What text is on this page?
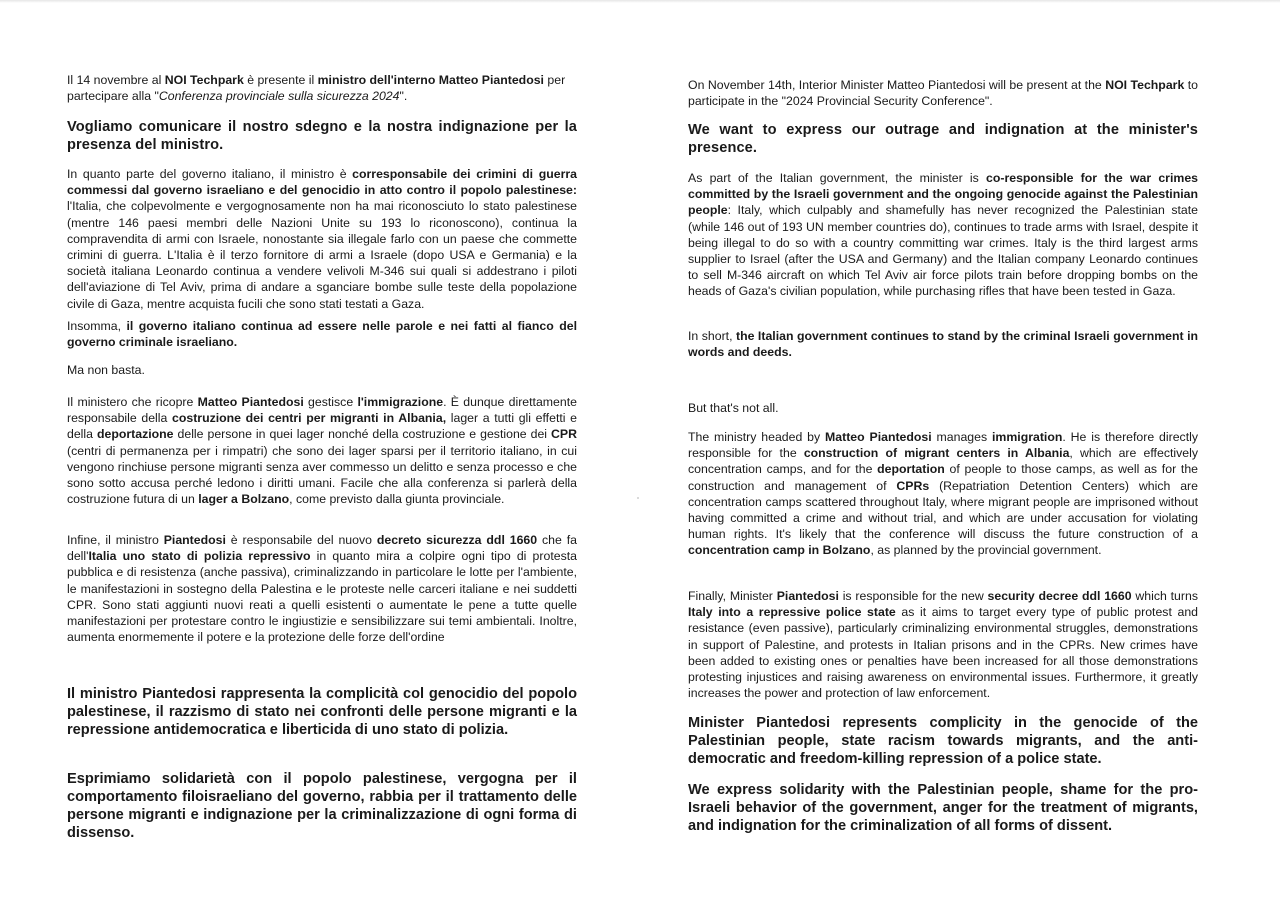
Il 14 novembre al NOI Techpark è presente il ministro dell'interno Matteo Piantedosi per partecipare alla "Conferenza provinciale sulla sicurezza 2024".

Vogliamo comunicare il nostro sdegno e la nostra indignazione per la presenza del ministro.

In quanto parte del governo italiano, il ministro è corresponsabile dei crimini di guerra commessi dal governo israeliano e del genocidio in atto contro il popolo palestinese: l'Italia, che colpevolmente e vergognosamente non ha mai riconosciuto lo stato palestinese (mentre 146 paesi membri delle Nazioni Unite su 193 lo riconoscono), continua la compravendita di armi con Israele, nonostante sia illegale farlo con un paese che commette crimini di guerra. L'Italia è il terzo fornitore di armi a Israele (dopo USA e Germania) e la società italiana Leonardo continua a vendere velivoli M-346 sui quali si addestrano i piloti dell'aviazione di Tel Aviv, prima di andare a sganciare bombe sulle teste della popolazione civile di Gaza, mentre acquista fucili che sono stati testati a Gaza.

Insomma, il governo italiano continua ad essere nelle parole e nei fatti al fianco del governo criminale israeliano.

Ma non basta.

Il ministero che ricopre Matteo Piantedosi gestisce l'immigrazione. È dunque direttamente responsabile della costruzione dei centri per migranti in Albania, lager a tutti gli effetti e della deportazione delle persone in quei lager nonché della costruzione e gestione dei CPR (centri di permanenza per i rimpatri) che sono dei lager sparsi per il territorio italiano, in cui vengono rinchiuse persone migranti senza aver commesso un delitto e senza processo e che sono sotto accusa perché ledono i diritti umani. Facile che alla conferenza si parlerà della costruzione futura di un lager a Bolzano, come previsto dalla giunta provinciale.

Infine, il ministro Piantedosi è responsabile del nuovo decreto sicurezza ddl 1660 che fa dell'Italia uno stato di polizia repressivo in quanto mira a colpire ogni tipo di protesta pubblica e di resistenza (anche passiva), criminalizzando in particolare le lotte per l'ambiente, le manifestazioni in sostegno della Palestina e le proteste nelle carceri italiane e nei suddetti CPR. Sono stati aggiunti nuovi reati a quelli esistenti o aumentate le pene a tutte quelle manifestazioni per protestare contro le ingiustizie e sensibilizzare sui temi ambientali. Inoltre, aumenta enormemente il potere e la protezione delle forze dell'ordine

Il ministro Piantedosi rappresenta la complicità col genocidio del popolo palestinese, il razzismo di stato nei confronti delle persone migranti e la repressione antidemocratica e liberticida di uno stato di polizia.

Esprimiamo solidarietà con il popolo palestinese, vergogna per il comportamento filoisraeliano del governo, rabbia per il trattamento delle persone migranti e indignazione per la criminalizzazione di ogni forma di dissenso.

On November 14th, Interior Minister Matteo Piantedosi will be present at the NOI Techpark to participate in the "2024 Provincial Security Conference".

We want to express our outrage and indignation at the minister's presence.

As part of the Italian government, the minister is co-responsible for the war crimes committed by the Israeli government and the ongoing genocide against the Palestinian people: Italy, which culpably and shamefully has never recognized the Palestinian state (while 146 out of 193 UN member countries do), continues to trade arms with Israel, despite it being illegal to do so with a country committing war crimes. Italy is the third largest arms supplier to Israel (after the USA and Germany) and the Italian company Leonardo continues to sell M-346 aircraft on which Tel Aviv air force pilots train before dropping bombs on the heads of Gaza's civilian population, while purchasing rifles that have been tested in Gaza.

In short, the Italian government continues to stand by the criminal Israeli government in words and deeds.

But that's not all.

The ministry headed by Matteo Piantedosi manages immigration. He is therefore directly responsible for the construction of migrant centers in Albania, which are effectively concentration camps, and for the deportation of people to those camps, as well as for the construction and management of CPRs (Repatriation Detention Centers) which are concentration camps scattered throughout Italy, where migrant people are imprisoned without having committed a crime and without trial, and which are under accusation for violating human rights. It's likely that the conference will discuss the future construction of a concentration camp in Bolzano, as planned by the provincial government.

Finally, Minister Piantedosi is responsible for the new security decree ddl 1660 which turns Italy into a repressive police state as it aims to target every type of public protest and resistance (even passive), particularly criminalizing environmental struggles, demonstrations in support of Palestine, and protests in Italian prisons and in the CPRs. New crimes have been added to existing ones or penalties have been increased for all those demonstrations protesting injustices and raising awareness on environmental issues. Furthermore, it greatly increases the power and protection of law enforcement.

Minister Piantedosi represents complicity in the genocide of the Palestinian people, state racism towards migrants, and the anti-democratic and freedom-killing repression of a police state.

We express solidarity with the Palestinian people, shame for the pro-Israeli behavior of the government, anger for the treatment of migrants, and indignation for the criminalization of all forms of dissent.
